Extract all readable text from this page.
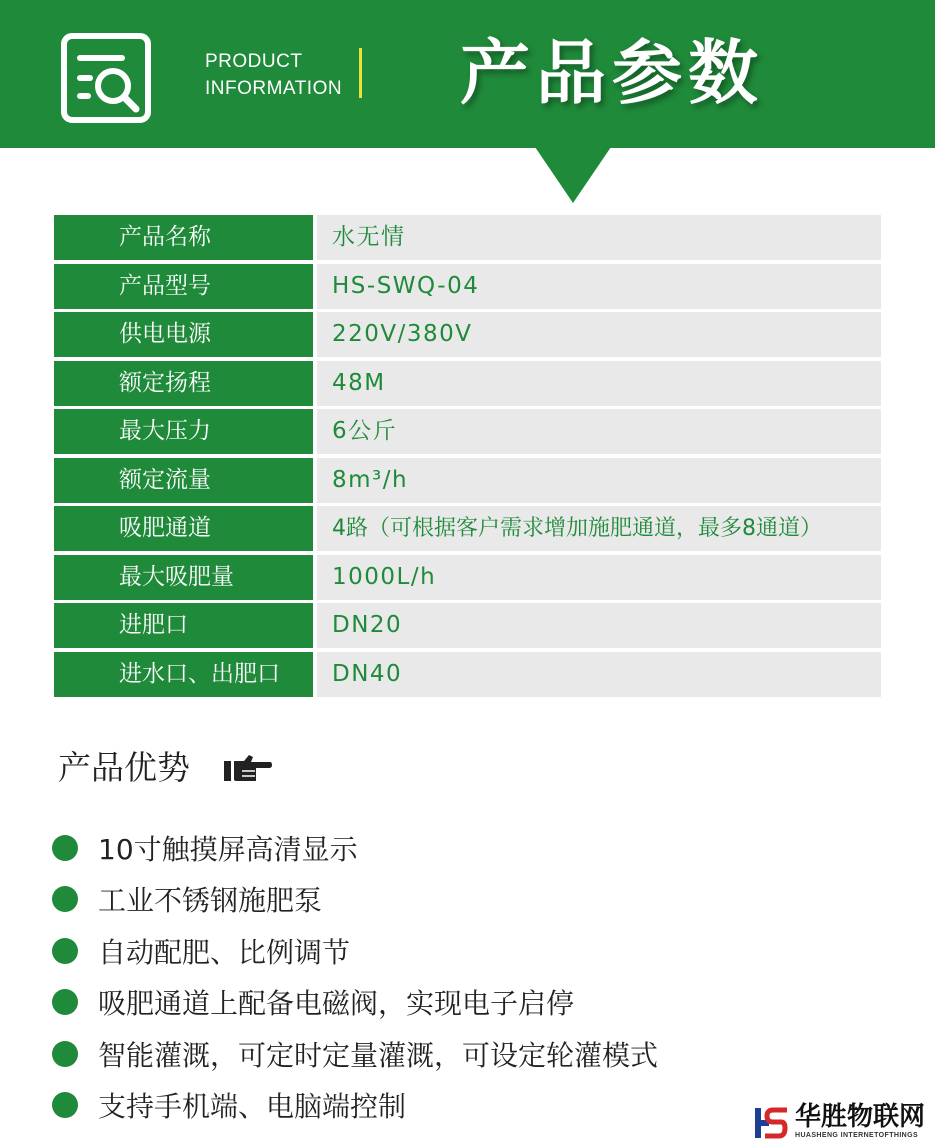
PRODUCT
INFORMATION 产品参数
产品名称	水无情
产品型号	HS-SWQ-04
供电电源	220V/380V
额定扬程	48M
最大压力	6公斤
额定流量	8m³/h
吸肥通道	4路（可根据客户需求增加施肥通道，最多8通道）
最大吸肥量	1000L/h
进肥口	DN20
进水口、出肥口	DN40
产品优势
10寸触摸屏高清显示
工业不锈钢施肥泵
自动配肥、比例调节
吸肥通道上配备电磁阀，实现电子启停
智能灌溉，可定时定量灌溉，可设定轮灌模式
支持手机端、电脑端控制	华胜物联网
HUASHENG INTERNETOFTHINGS
